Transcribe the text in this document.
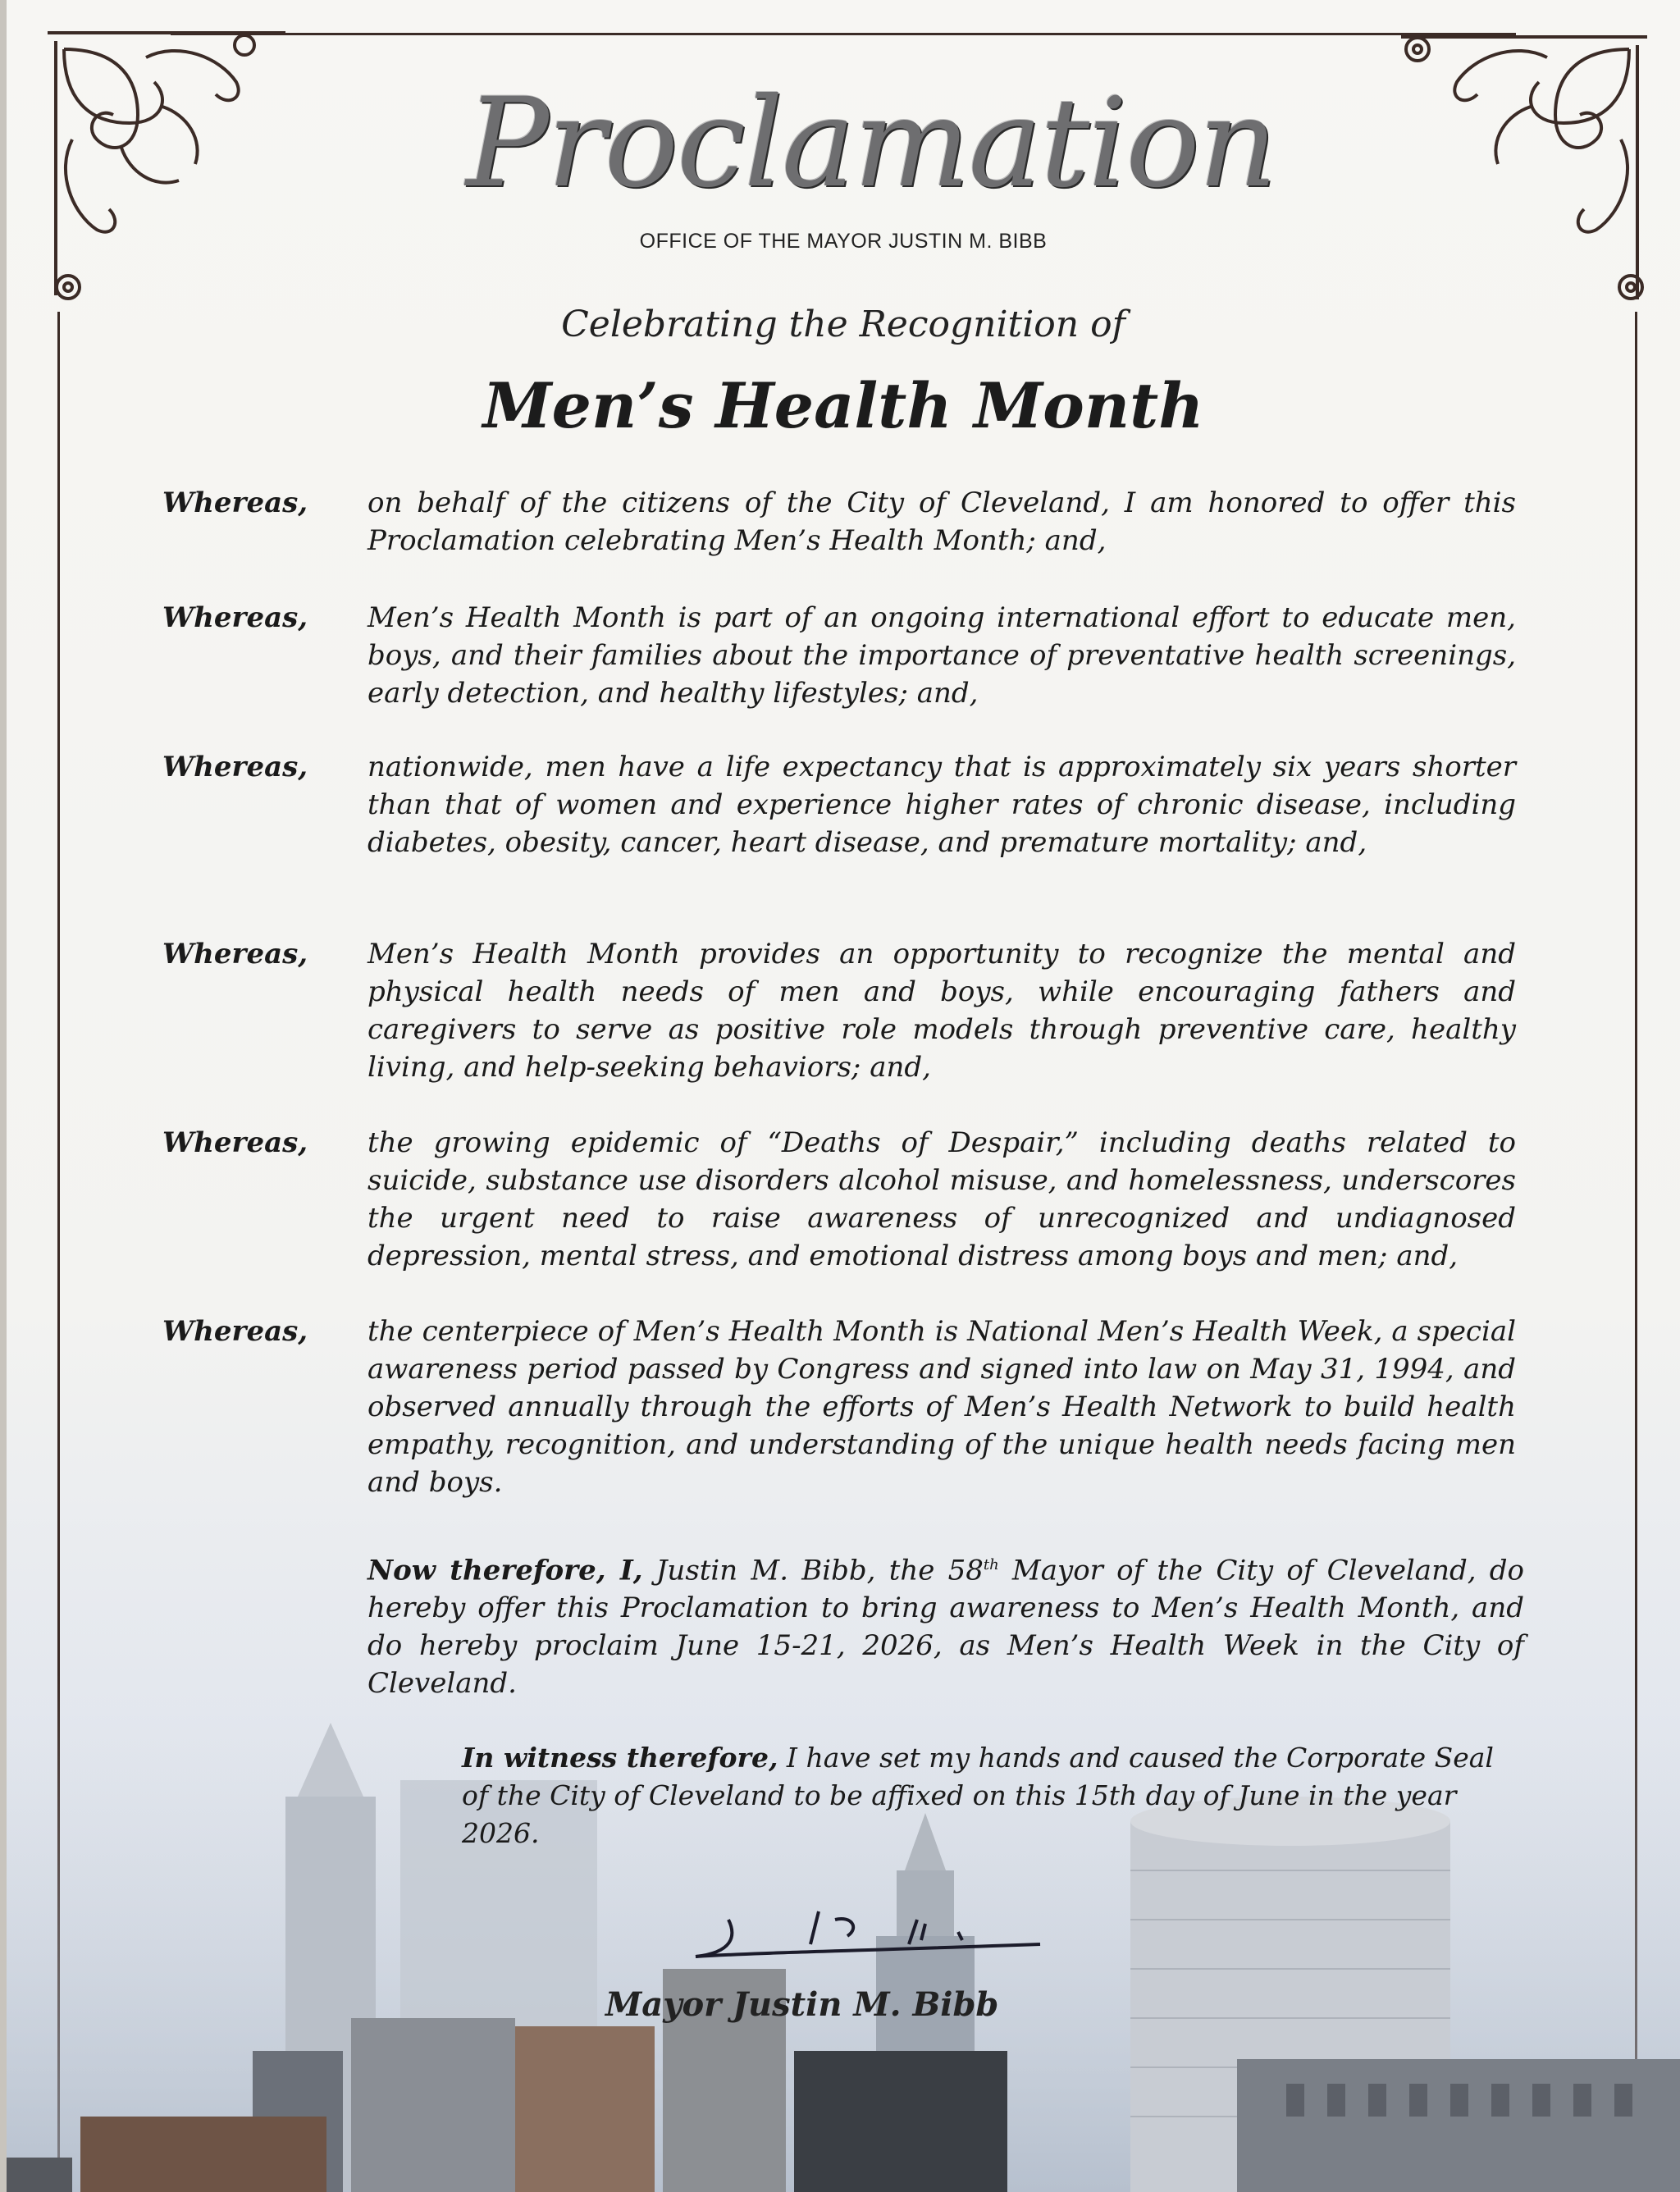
Proclamation
OFFICE OF THE MAYOR JUSTIN M. BIBB
Celebrating the Recognition of
Men’s Health Month
Whereas,	on behalf of the citizens of the City of Cleveland, I am honored to offer this Proclamation celebrating Men’s Health Month; and,
Whereas,	Men’s Health Month is part of an ongoing international effort to educate men, boys, and their families about the importance of preventative health screenings, early detection, and healthy lifestyles; and,
Whereas,	nationwide, men have a life expectancy that is approximately six years shorter than that of women and experience higher rates of chronic disease, including diabetes, obesity, cancer, heart disease, and premature mortality; and,
Whereas,	Men’s Health Month provides an opportunity to recognize the mental and physical health needs of men and boys, while encouraging fathers and caregivers to serve as positive role models through preventive care, healthy living, and help-seeking behaviors; and,
Whereas,	the growing epidemic of “Deaths of Despair,” including deaths related to suicide, substance use disorders alcohol misuse, and homelessness, underscores the urgent need to raise awareness of unrecognized and undiagnosed depression, mental stress, and emotional distress among boys and men; and,
Whereas,	the centerpiece of Men’s Health Month is National Men’s Health Week, a special awareness period passed by Congress and signed into law on May 31, 1994, and observed annually through the efforts of Men’s Health Network to build health empathy, recognition, and understanding of the unique health needs facing men and boys.
Now therefore, I, Justin M. Bibb, the 58th Mayor of the City of Cleveland, do hereby offer this Proclamation to bring awareness to Men’s Health Month, and do hereby proclaim June 15-21, 2026, as Men’s Health Week in the City of
In witness therefore, I have set my hands and caused the Corporate Seal of the City of Cleveland to be affixed on this 15th day of June in the year 2026.
Mayor Justin M. Bibb
